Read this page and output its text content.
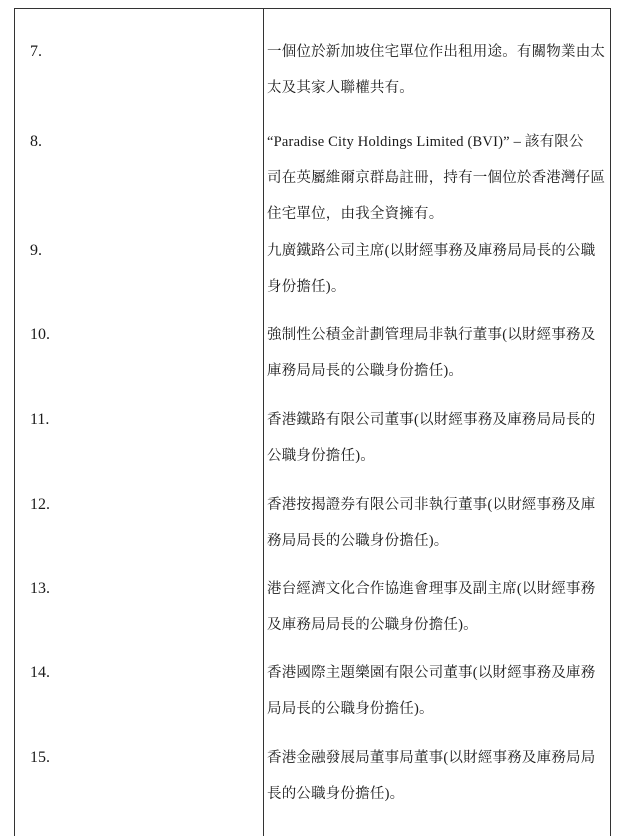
7.	一個位於新加坡住宅單位作出租用途。有關物業由太
太及其家人聯權共有。
8.	“Paradise City Holdings Limited (BVI)” – 該有限公
司在英屬維爾京群島註冊，持有一個位於香港灣仔區
住宅單位，由我全資擁有。
9.	九廣鐵路公司主席(以財經事務及庫務局局長的公職
身份擔任)。
10.	強制性公積金計劃管理局非執行董事(以財經事務及
庫務局局長的公職身份擔任)。
11.	香港鐵路有限公司董事(以財經事務及庫務局局長的
公職身份擔任)。
12.	香港按揭證券有限公司非執行董事(以財經事務及庫
務局局長的公職身份擔任)。
13.	港台經濟文化合作協進會理事及副主席(以財經事務
及庫務局局長的公職身份擔任)。
14.	香港國際主題樂園有限公司董事(以財經事務及庫務
局局長的公職身份擔任)。
15.	香港金融發展局董事局董事(以財經事務及庫務局局
長的公職身份擔任)。
